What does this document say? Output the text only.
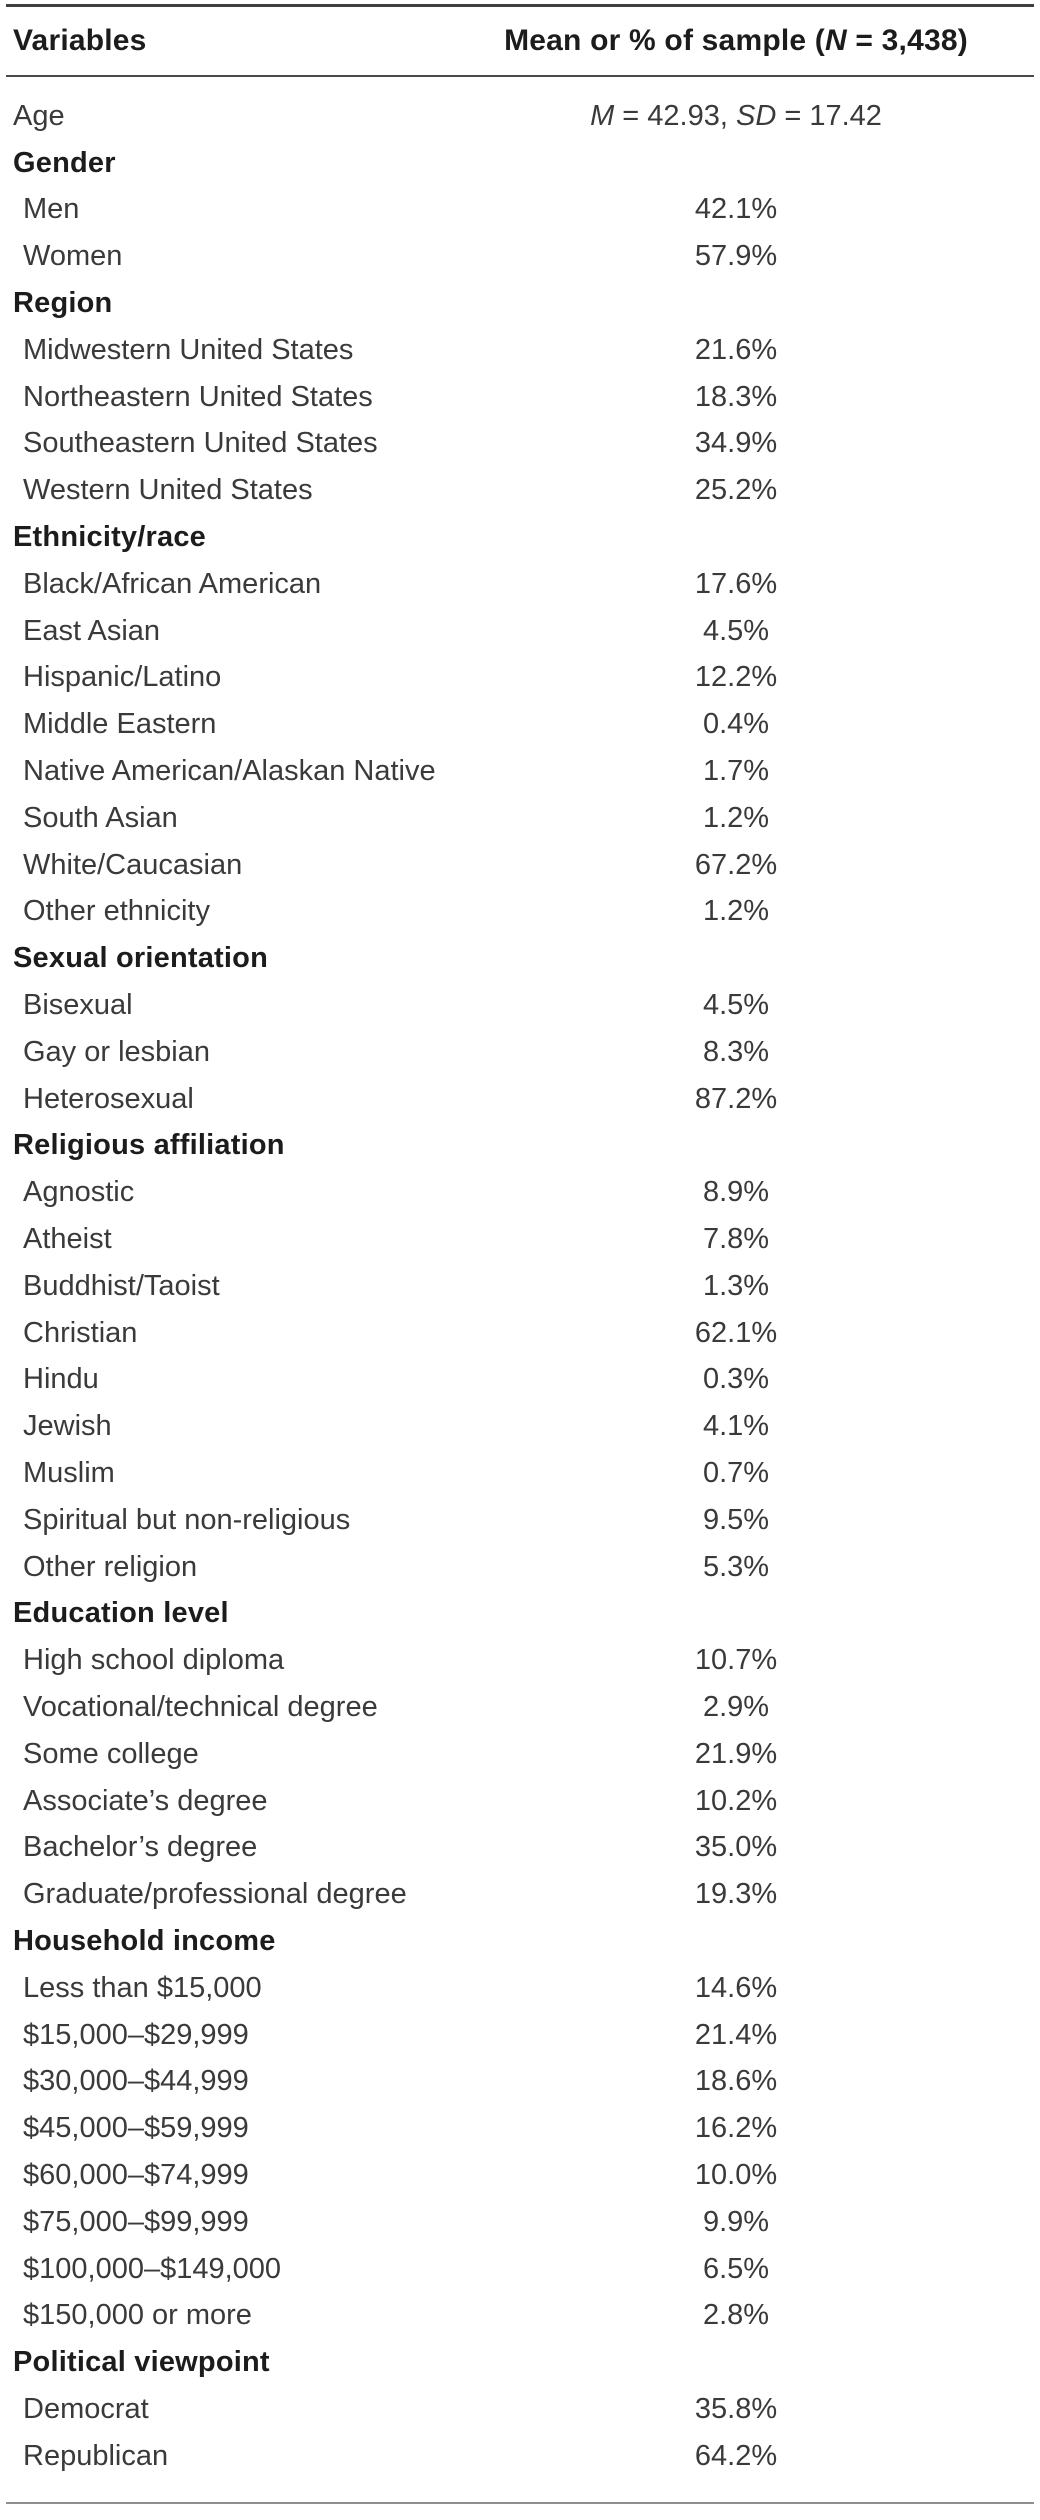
Variables	Mean or % of sample (N = 3,438)
Age	M = 42.93, SD = 17.42
Gender
Men	42.1%
Women	57.9%
Region
Midwestern United States	21.6%
Northeastern United States	18.3%
Southeastern United States	34.9%
Western United States	25.2%
Ethnicity/race
Black/African American	17.6%
East Asian	4.5%
Hispanic/Latino	12.2%
Middle Eastern	0.4%
Native American/Alaskan Native	1.7%
South Asian	1.2%
White/Caucasian	67.2%
Other ethnicity	1.2%
Sexual orientation
Bisexual	4.5%
Gay or lesbian	8.3%
Heterosexual	87.2%
Religious affiliation
Agnostic	8.9%
Atheist	7.8%
Buddhist/Taoist	1.3%
Christian	62.1%
Hindu	0.3%
Jewish	4.1%
Muslim	0.7%
Spiritual but non-religious	9.5%
Other religion	5.3%
Education level
High school diploma	10.7%
Vocational/technical degree	2.9%
Some college	21.9%
Associate’s degree	10.2%
Bachelor’s degree	35.0%
Graduate/professional degree	19.3%
Household income
Less than $15,000	14.6%
$15,000–$29,999	21.4%
$30,000–$44,999	18.6%
$45,000–$59,999	16.2%
$60,000–$74,999	10.0%
$75,000–$99,999	9.9%
$100,000–$149,000	6.5%
$150,000 or more	2.8%
Political viewpoint
Democrat	35.8%
Republican	64.2%
